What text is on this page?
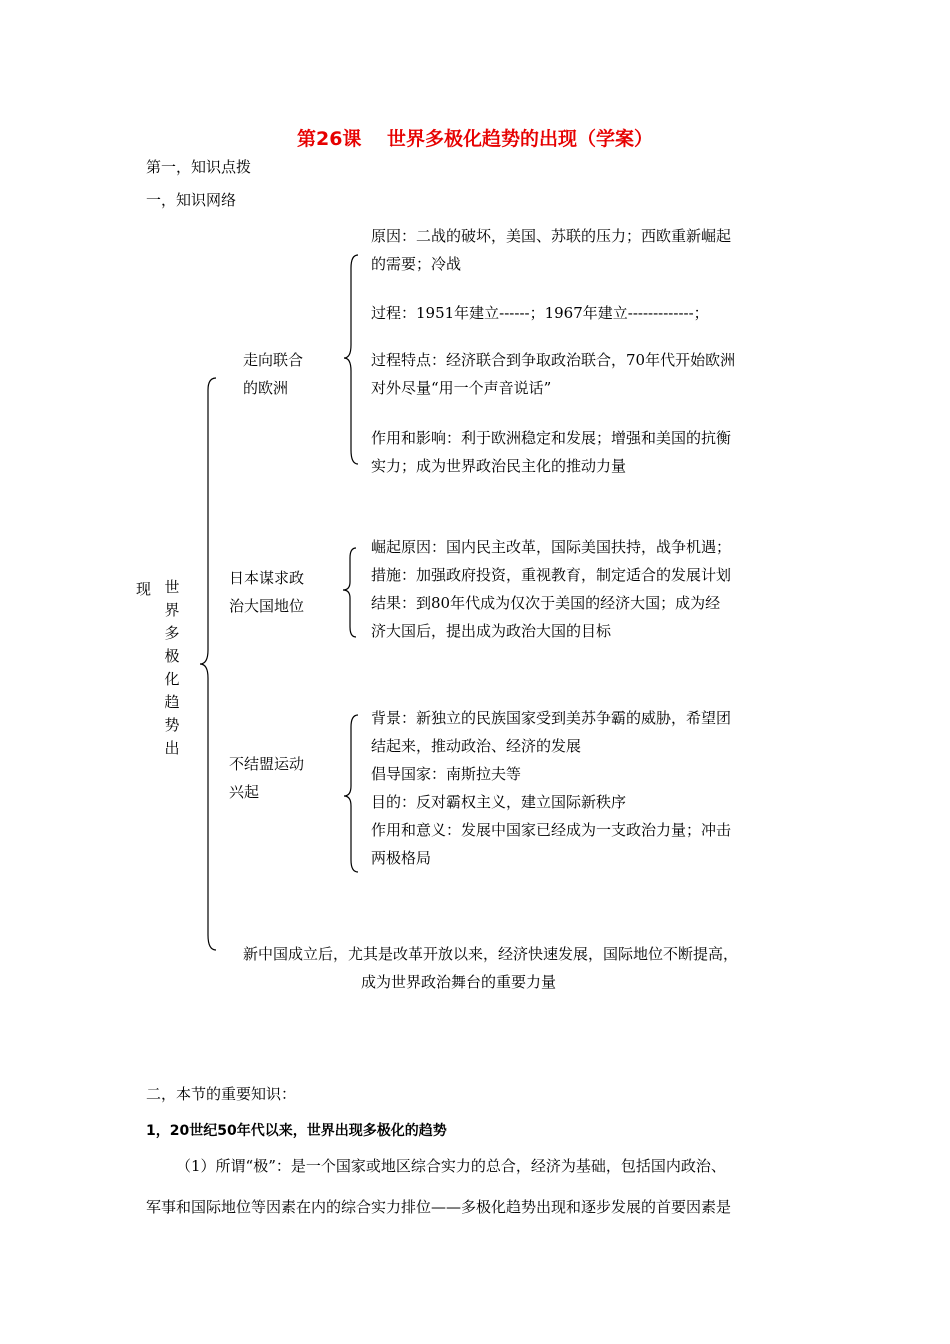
第26课　 世界多极化趋势的出现（学案）
第一，知识点拨
一，知识网络
现 世界多极化趋势出
走向联合
的欧洲
原因：二战的破坏，美国、苏联的压力；西欧重新崛起
的需要；冷战
过程：1951年建立------；1967年建立-------------；
过程特点：经济联合到争取政治联合，70年代开始欧洲
对外尽量“用一个声音说话”
作用和影响：利于欧洲稳定和发展；增强和美国的抗衡
实力；成为世界政治民主化的推动力量
日本谋求政
治大国地位
崛起原因：国内民主改革，国际美国扶持，战争机遇；
措施：加强政府投资，重视教育，制定适合的发展计划
结果：到80年代成为仅次于美国的经济大国；成为经
济大国后，提出成为政治大国的目标
不结盟运动
兴起
背景：新独立的民族国家受到美苏争霸的威胁，希望团
结起来，推动政治、经济的发展
倡导国家：南斯拉夫等
目的：反对霸权主义，建立国际新秩序
作用和意义：发展中国家已经成为一支政治力量；冲击
两极格局
新中国成立后，尤其是改革开放以来，经济快速发展，国际地位不断提高，
成为世界政治舞台的重要力量
二，本节的重要知识：
1，20世纪50年代以来，世界出现多极化的趋势
（1）所谓“极”：是一个国家或地区综合实力的总合，经济为基础，包括国内政治、
军事和国际地位等因素在内的综合实力排位——多极化趋势出现和逐步发展的首要因素是
